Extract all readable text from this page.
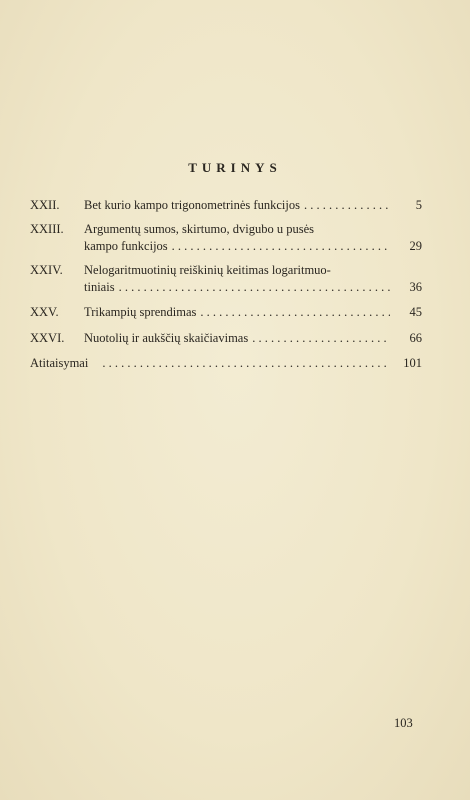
TURINYS
XXII.	Bet kurio kampo trigonometrinės funkcijos . . .	5
XXIII.	Argumentų sumos, skirtumo, dvigubo u pusės
kampo funkcijos . . .	29
XXIV.	Nelogaritmuotinių reiškinių keitimas logaritmuo-
tiniais . . .	36
XXV.	Trikampių sprendimas . . .	45
XXVI.	Nuotolių ir aukščių skaičiavimas . . .	66
Atitaisymai . . .	101
103
